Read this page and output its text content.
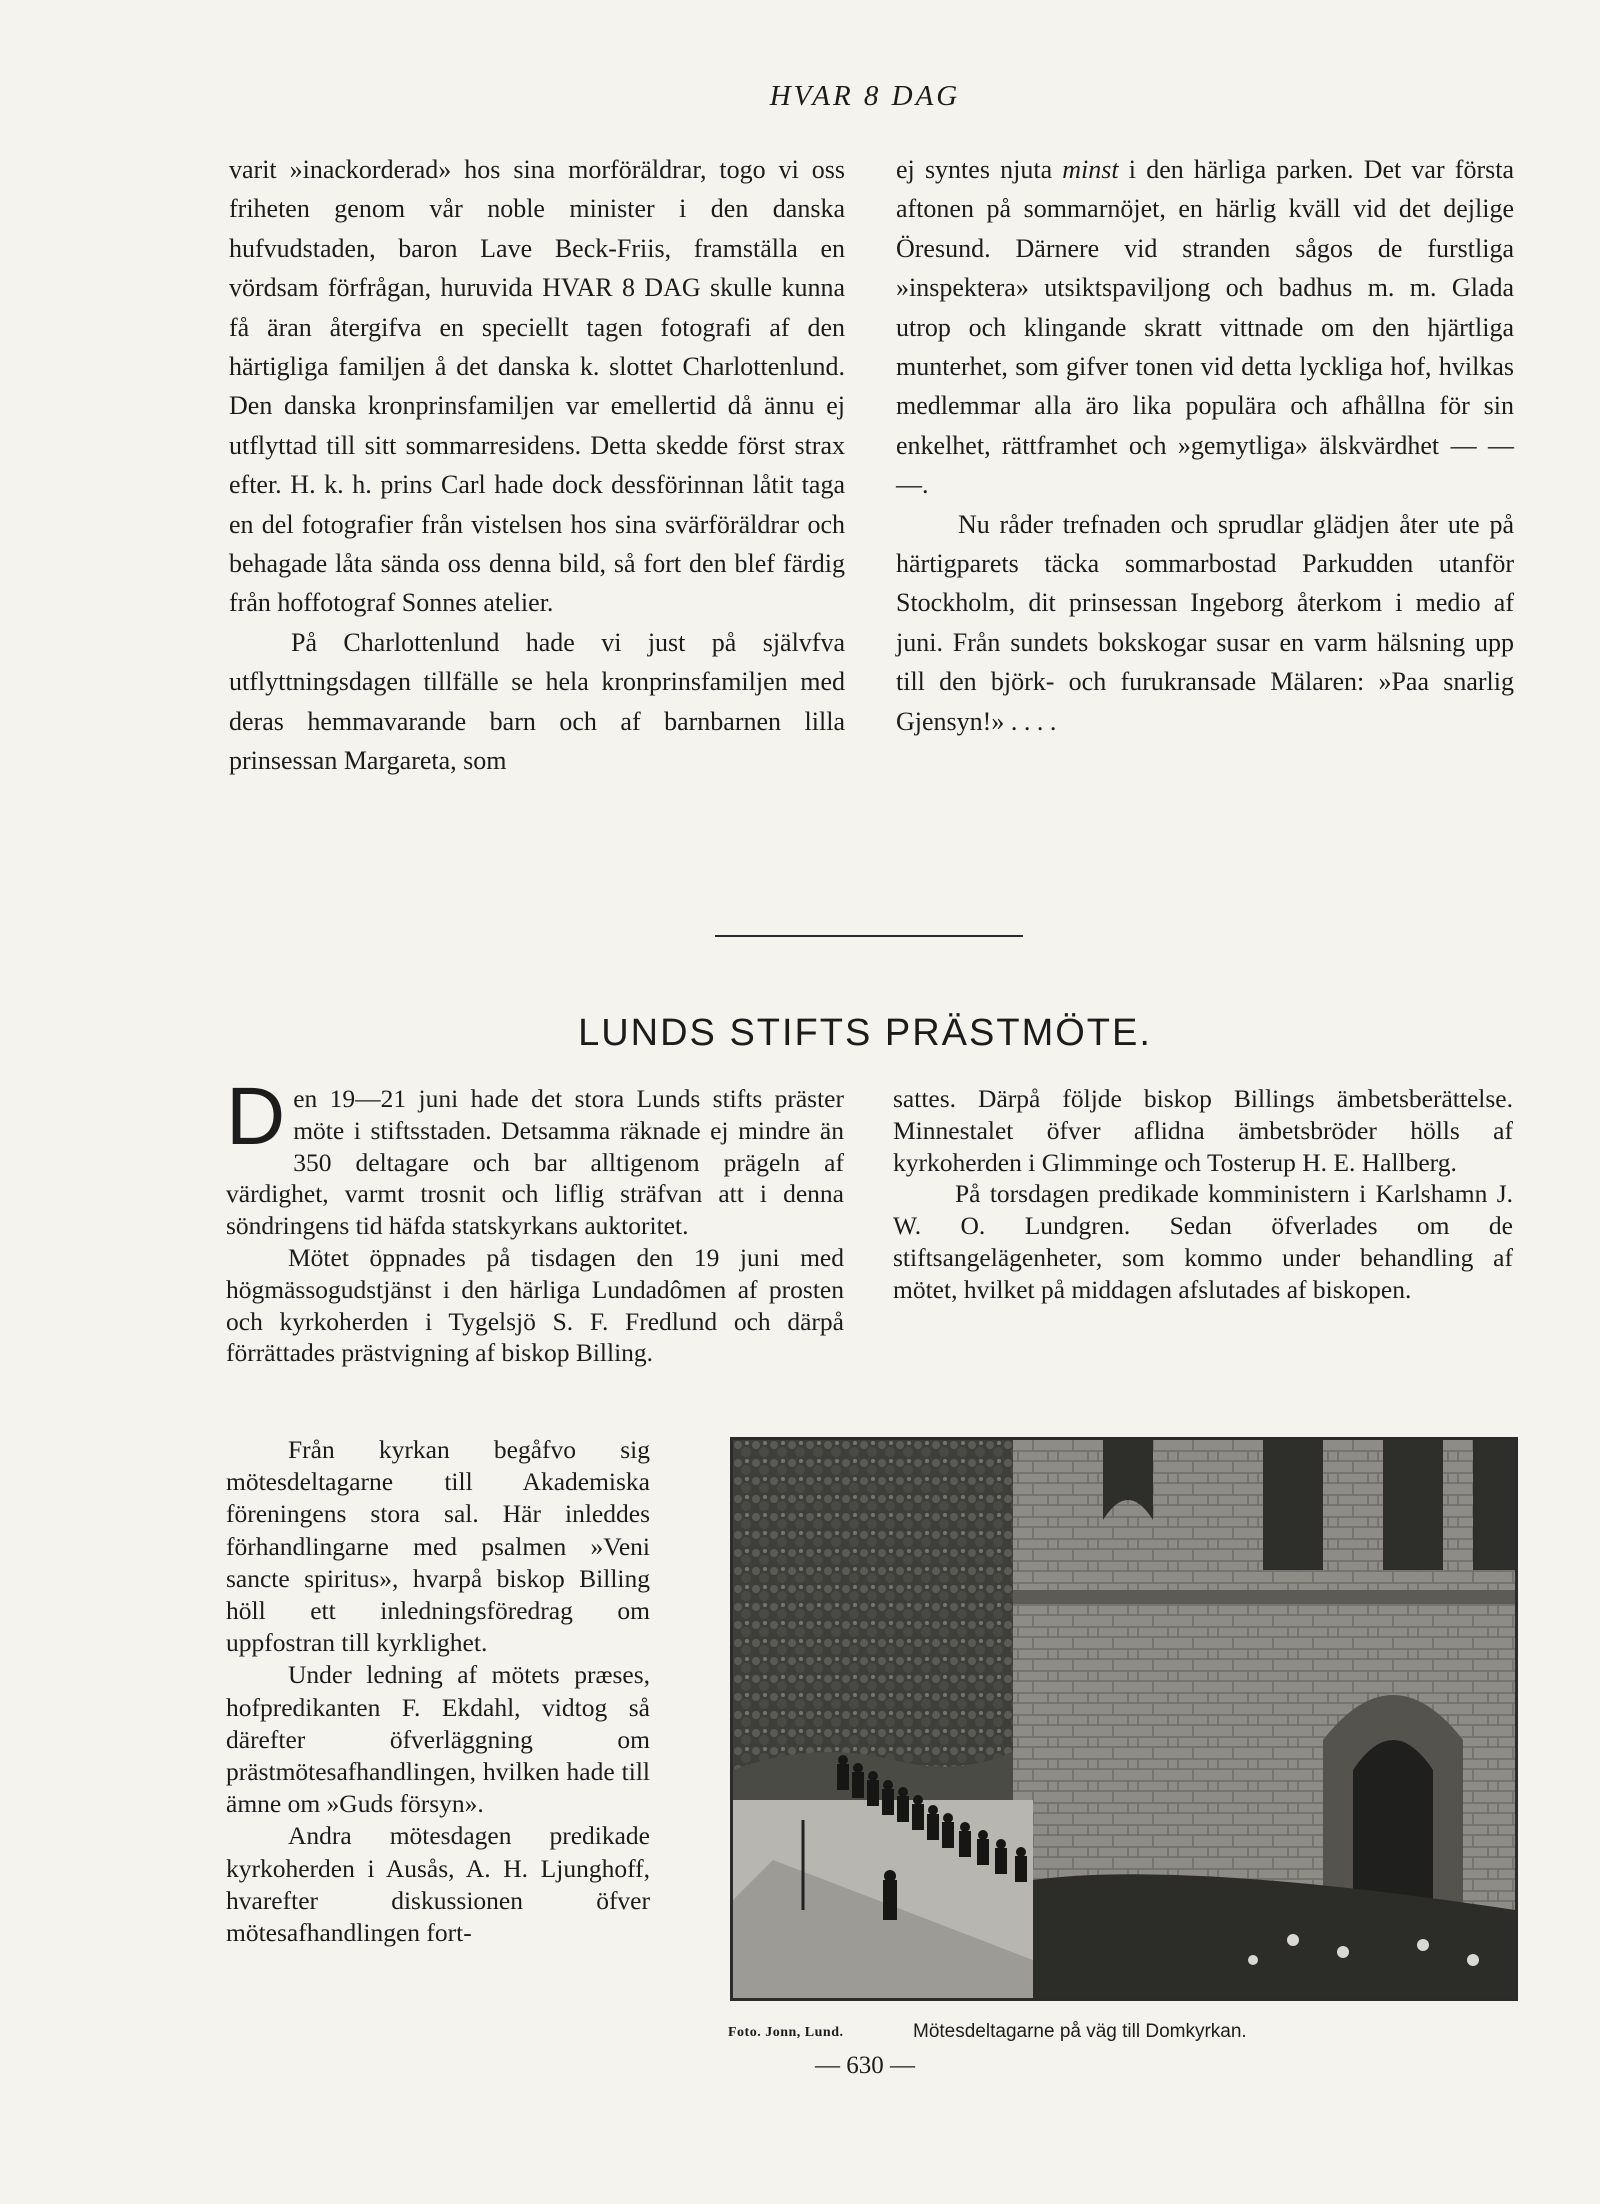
HVAR 8 DAG

varit »inackorderad» hos sina morföräldrar, togo vi oss friheten genom vår noble minister i den danska hufvudstaden, baron Lave Beck-Friis, framställa en vördsam förfrågan, huruvida HVAR 8 DAG skulle kunna få äran återgifva en speciellt tagen fotografi af den härtigliga familjen å det danska k. slottet Charlottenlund. Den danska kronprinsfamiljen var emellertid då ännu ej utflyttad till sitt sommarresidens. Detta skedde först strax efter. H. k. h. prins Carl hade dock dessförinnan låtit taga en del fotografier från vistelsen hos sina svärföräldrar och behagade låta sända oss denna bild, så fort den blef färdig från hoffotograf Sonnes atelier.

På Charlottenlund hade vi just på självfva utflyttningsdagen tillfälle se hela kronprinsfamiljen med deras hemmavarande barn och af barnbarnen lilla prinsessan Margareta, som

ej syntes njuta minst i den härliga parken. Det var första aftonen på sommarnöjet, en härlig kväll vid det dejlige Öresund. Därnere vid stranden sågos de furstliga »inspektera» utsiktspaviljong och badhus m. m. Glada utrop och klingande skratt vittnade om den hjärtliga munterhet, som gifver tonen vid detta lyckliga hof, hvilkas medlemmar alla äro lika populära och afhållna för sin enkelhet, rättframhet och »gemytliga» älskvärdhet — — —.

Nu råder trefnaden och sprudlar glädjen åter ute på härtigparets täcka sommarbostad Parkudden utanför Stockholm, dit prinsessan Ingeborg återkom i medio af juni. Från sundets bokskogar susar en varm hälsning upp till den björk- och furukransade Mälaren: »Paa snarlig Gjensyn!» . . . .

LUNDS STIFTS PRÄSTMÖTE.

Den 19—21 juni hade det stora Lunds stifts präster möte i stiftsstaden. Detsamma räknade ej mindre än 350 deltagare och bar alltigenom prägeln af värdighet, varmt trosnit och liflig sträfvan att i denna söndringens tid häfda statskyrkans auktoritet.

Mötet öppnades på tisdagen den 19 juni med högmässogudstjänst i den härliga Lundadômen af prosten och kyrkoherden i Tygelsjö S. F. Fredlund och därpå förrättades prästvigning af biskop Billing.

Från kyrkan begåfvo sig mötesdeltagarne till Akademiska föreningens stora sal. Här inleddes förhandlingarne med psalmen »Veni sancte spiritus», hvarpå biskop Billing höll ett inledningsföredrag om uppfostran till kyrklighet.

Under ledning af mötets præses, hofpredikanten F. Ekdahl, vidtog så därefter öfverläggning om prästmötesafhandlingen, hvilken hade till ämne om »Guds försyn».

Andra mötesdagen predikade kyrkoherden i Ausås, A. H. Ljunghoff, hvarefter diskussionen öfver mötesafhandlingen fort-

sattes. Därpå följde biskop Billings ämbetsberättelse. Minnestalet öfver aflidna ämbetsbröder hölls af kyrkoherden i Glimminge och Tosterup H. E. Hallberg.

På torsdagen predikade komministern i Karlshamn J. W. O. Lundgren. Sedan öfverlades om de stiftsangelägenheter, som kommo under behandling af mötet, hvilket på middagen afslutades af biskopen.

Foto. Jonn, Lund.	Mötesdeltagarne på väg till Domkyrkan.
— 630 —
